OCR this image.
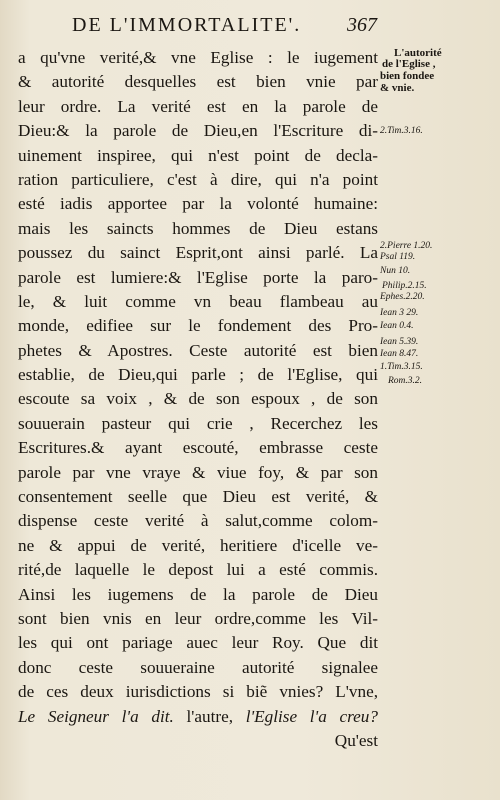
DE L'IMMORTALITE'. 367
a qu'vne verité,& vne Eglise : le iugement
& autorité desquelles est bien vnie par
leur ordre. La verité est en la parole de
Dieu:& la parole de Dieu,en l'Escriture di-
uinement inspiree, qui n'est point de decla-
ration particuliere, c'est à dire, qui n'a point
esté iadis apportee par la volonté humaine:
mais les saincts hommes de Dieu estans
poussez du sainct Esprit,ont ainsi parlé. La
parole est lumiere:& l'Eglise porte la paro-
le, & luit comme vn beau flambeau au
monde, edifiee sur le fondement des Pro-
phetes & Apostres. Ceste autorité est bien
establie, de Dieu,qui parle ; de l'Eglise, qui
escoute sa voix , & de son espoux , de son
souuerain pasteur qui crie , Recerchez les
Escritures.& ayant escouté, embrasse ceste
parole par vne vraye & viue foy, & par son
consentement seelle que Dieu est verité, &
dispense ceste verité à salut,comme colom-
ne & appui de verité, heritiere d'icelle ve-
rité,de laquelle le depost lui a esté commis.
Ainsi les iugemens de la parole de Dieu
sont bien vnis en leur ordre,comme les Vil-
les qui ont pariage auec leur Roy. Que dit
donc ceste souueraine autorité signalee
de ces deux iurisdictions si biẽ vnies? L'vne,
Le Seigneur l'a dit. l'autre, l'Eglise l'a creu?
Qu'est
L'autorité
de l'Eglise ,
bien fondee
& vnie.
2.Tim.3.16.
2.Pierre 1.20.
Psal 119.
Nun 10.
Philip.2.15.
Ephes.2.20.
Iean 3 29.
Iean 0.4.
Iean 5.39.
Iean 8.47.
1.Tim.3.15.
Rom.3.2.
